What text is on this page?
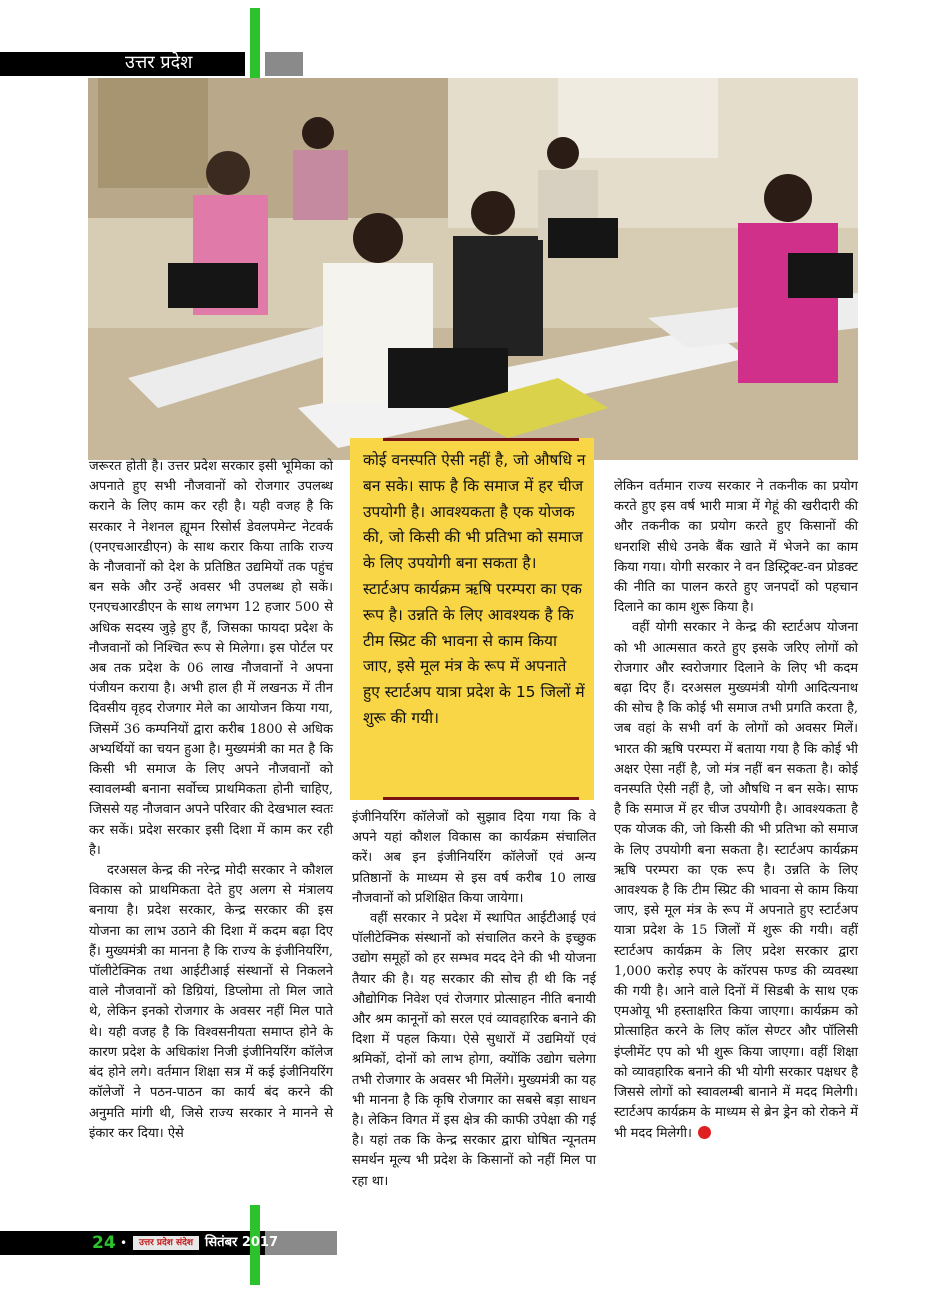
उत्तर प्रदेश

जरूरत होती है। उत्तर प्रदेश सरकार इसी भूमिका को अपनाते हुए सभी नौजवानों को रोजगार उपलब्ध कराने के लिए काम कर रही है। यही वजह है कि सरकार ने नेशनल ह्यूमन रिसोर्स डेवलपमेन्ट नेटवर्क (एनएचआरडीएन) के साथ करार किया ताकि राज्य के नौजवानों को देश के प्रतिष्ठित उद्यमियों तक पहुंच बन सके और उन्हें अवसर भी उपलब्ध हो सकें। एनएचआरडीएन के साथ लगभग 12 हजार 500 से अधिक सदस्य जुड़े हुए हैं, जिसका फायदा प्रदेश के नौजवानों को निश्चित रूप से मिलेगा। इस पोर्टल पर अब तक प्रदेश के 06 लाख नौजवानों ने अपना पंजीयन कराया है। अभी हाल ही में लखनऊ में तीन दिवसीय वृहद रोजगार मेले का आयोजन किया गया, जिसमें 36 कम्पनियों द्वारा करीब 1800 से अधिक अभ्यर्थियों का चयन हुआ है। मुख्यमंत्री का मत है कि किसी भी समाज के लिए अपने नौजवानों को स्वावलम्बी बनाना सर्वोच्च प्राथमिकता होनी चाहिए, जिससे यह नौजवान अपने परिवार की देखभाल स्वतः कर सकें। प्रदेश सरकार इसी दिशा में काम कर रही है।

दरअसल केन्द्र की नरेन्द्र मोदी सरकार ने कौशल विकास को प्राथमिकता देते हुए अलग से मंत्रालय बनाया है। प्रदेश सरकार, केन्द्र सरकार की इस योजना का लाभ उठाने की दिशा में कदम बढ़ा दिए हैं। मुख्यमंत्री का मानना है कि राज्य के इंजीनियरिंग, पॉलीटेक्निक तथा आईटीआई संस्थानों से निकलने वाले नौजवानों को डिग्रियां, डिप्लोमा तो मिल जाते थे, लेकिन इनको रोजगार के अवसर नहीं मिल पाते थे। यही वजह है कि विश्वसनीयता समाप्त होने के कारण प्रदेश के अधिकांश निजी इंजीनियरिंग कॉलेज बंद होने लगे। वर्तमान शिक्षा सत्र में कई इंजीनियरिंग कॉलेजों ने पठन-पाठन का कार्य बंद करने की अनुमति मांगी थी, जिसे राज्य सरकार ने मानने से इंकार कर दिया। ऐसे

कोई वनस्पति ऐसी नहीं है, जो औषधि न बन सके। साफ है कि समाज में हर चीज उपयोगी है। आवश्यकता है एक योजक की, जो किसी की भी प्रतिभा को समाज के लिए उपयोगी बना सकता है। स्टार्टअप कार्यक्रम ऋषि परम्परा का एक रूप है। उन्नति के लिए आवश्यक है कि टीम स्प्रिट की भावना से काम किया जाए, इसे मूल मंत्र के रूप में अपनाते हुए स्टार्टअप यात्रा प्रदेश के 15 जिलों में शुरू की गयी।

इंजीनियरिंग कॉलेजों को सुझाव दिया गया कि वे अपने यहां कौशल विकास का कार्यक्रम संचालित करें। अब इन इंजीनियरिंग कॉलेजों एवं अन्य प्रतिष्ठानों के माध्यम से इस वर्ष करीब 10 लाख नौजवानों को प्रशिक्षित किया जायेगा।

वहीं सरकार ने प्रदेश में स्थापित आईटीआई एवं पॉलीटेक्निक संस्थानों को संचालित करने के इच्छुक उद्योग समूहों को हर सम्भव मदद देने की भी योजना तैयार की है। यह सरकार की सोच ही थी कि नई औद्योगिक निवेश एवं रोजगार प्रोत्साहन नीति बनायी और श्रम कानूनों को सरल एवं व्यावहारिक बनाने की दिशा में पहल किया। ऐसे सुधारों में उद्यमियों एवं श्रमिकों, दोनों को लाभ होगा, क्योंकि उद्योग चलेगा तभी रोजगार के अवसर भी मिलेंगे। मुख्यमंत्री का यह भी मानना है कि कृषि रोजगार का सबसे बड़ा साधन है। लेकिन विगत में इस क्षेत्र की काफी उपेक्षा की गई है। यहां तक कि केन्द्र सरकार द्वारा घोषित न्यूनतम समर्थन मूल्य भी प्रदेश के किसानों को नहीं मिल पा रहा था।

लेकिन वर्तमान राज्य सरकार ने तकनीक का प्रयोग करते हुए इस वर्ष भारी मात्रा में गेहूं की खरीदारी की और तकनीक का प्रयोग करते हुए किसानों की धनराशि सीधे उनके बैंक खाते में भेजने का काम किया गया। योगी सरकार ने वन डिस्ट्रिक्ट-वन प्रोडक्ट की नीति का पालन करते हुए जनपदों को पहचान दिलाने का काम शुरू किया है।

वहीं योगी सरकार ने केन्द्र की स्टार्टअप योजना को भी आत्मसात करते हुए इसके जरिए लोगों को रोजगार और स्वरोजगार दिलाने के लिए भी कदम बढ़ा दिए हैं। दरअसल मुख्यमंत्री योगी आदित्यनाथ की सोच है कि कोई भी समाज तभी प्रगति करता है, जब वहां के सभी वर्ग के लोगों को अवसर मिलें। भारत की ऋषि परम्परा में बताया गया है कि कोई भी अक्षर ऐसा नहीं है, जो मंत्र नहीं बन सकता है। कोई वनस्पति ऐसी नहीं है, जो औषधि न बन सके। साफ है कि समाज में हर चीज उपयोगी है। आवश्यकता है एक योजक की, जो किसी की भी प्रतिभा को समाज के लिए उपयोगी बना सकता है। स्टार्टअप कार्यक्रम ऋषि परम्परा का एक रूप है। उन्नति के लिए आवश्यक है कि टीम स्प्रिट की भावना से काम किया जाए, इसे मूल मंत्र के रूप में अपनाते हुए स्टार्टअप यात्रा प्रदेश के 15 जिलों में शुरू की गयी। वहीं स्टार्टअप कार्यक्रम के लिए प्रदेश सरकार द्वारा 1,000 करोड़ रुपए के कॉरपस फण्ड की व्यवस्था की गयी है। आने वाले दिनों में सिडबी के साथ एक एमओयू भी हस्ताक्षरित किया जाएगा। कार्यक्रम को प्रोत्साहित करने के लिए कॉल सेण्टर और पॉलिसी इंप्लीमेंट एप को भी शुरू किया जाएगा। वहीं शिक्षा को व्यावहारिक बनाने की भी योगी सरकार पक्षधर है जिससे लोगों को स्वावलम्बी बानाने में मदद मिलेगी। स्टार्टअप कार्यक्रम के माध्यम से ब्रेन ड्रेन को रोकने में भी मदद मिलेगी।

24 •	उत्तर प्रदेश संदेश सितंबर 2017
